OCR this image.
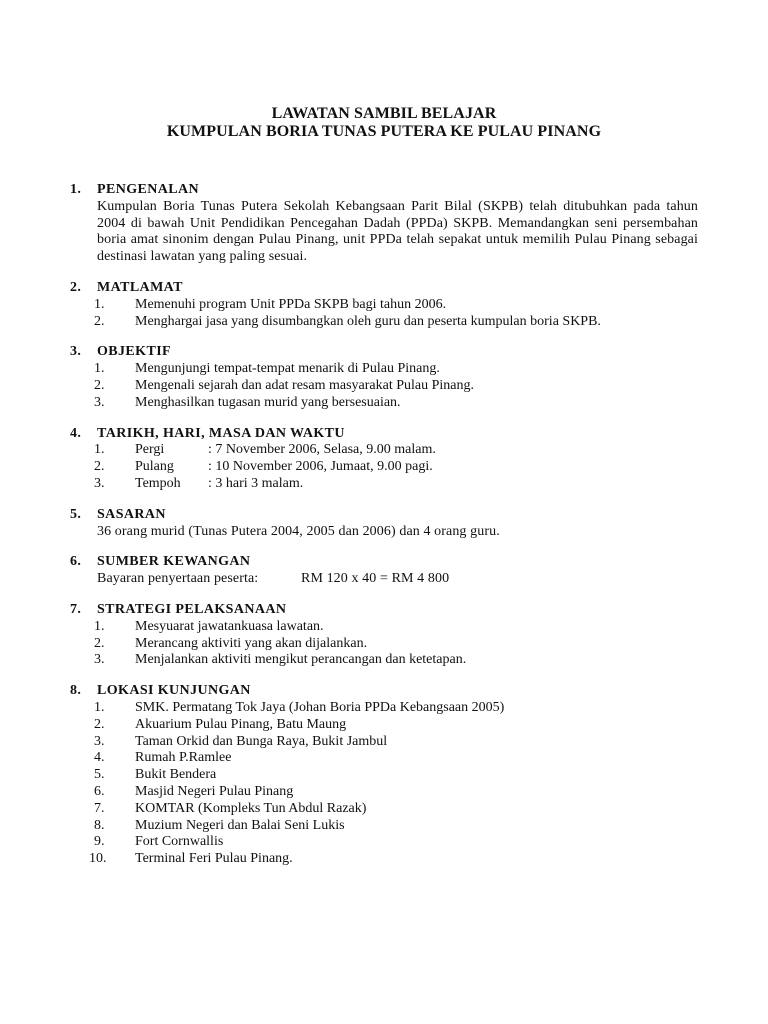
LAWATAN SAMBIL BELAJAR
KUMPULAN BORIA TUNAS PUTERA KE PULAU PINANG
1.	PENGENALAN
Kumpulan Boria Tunas Putera Sekolah Kebangsaan Parit Bilal (SKPB) telah ditubuhkan pada tahun 2004 di bawah Unit Pendidikan Pencegahan Dadah (PPDa) SKPB. Memandangkan seni persembahan boria amat sinonim dengan Pulau Pinang, unit PPDa telah sepakat untuk memilih Pulau Pinang sebagai destinasi lawatan yang paling sesuai.
2.	MATLAMAT
1.	Memenuhi program Unit PPDa SKPB bagi tahun 2006.
2.	Menghargai jasa yang disumbangkan oleh guru dan peserta kumpulan boria SKPB.
3.	OBJEKTIF
1.	Mengunjungi tempat-tempat menarik di Pulau Pinang.
2.	Mengenali sejarah dan adat resam masyarakat Pulau Pinang.
3.	Menghasilkan tugasan murid yang bersesuaian.
4.	TARIKH, HARI, MASA DAN WAKTU
1.	Pergi	: 7 November 2006, Selasa, 9.00 malam.
2.	Pulang	: 10 November 2006, Jumaat, 9.00 pagi.
3.	Tempoh	: 3 hari 3 malam.
5.	SASARAN
36 orang murid (Tunas Putera 2004, 2005 dan 2006) dan 4 orang guru.
6.	SUMBER KEWANGAN
Bayaran penyertaan peserta:	RM 120 x 40 = RM 4 800
7.	STRATEGI PELAKSANAAN
1.	Mesyuarat jawatankuasa lawatan.
2.	Merancang aktiviti yang akan dijalankan.
3.	Menjalankan aktiviti mengikut perancangan dan ketetapan.
8.	LOKASI KUNJUNGAN
1.	SMK. Permatang Tok Jaya (Johan Boria PPDa Kebangsaan 2005)
2.	Akuarium Pulau Pinang, Batu Maung
3.	Taman Orkid dan Bunga Raya, Bukit Jambul
4.	Rumah P.Ramlee
5.	Bukit Bendera
6.	Masjid Negeri Pulau Pinang
7.	KOMTAR (Kompleks Tun Abdul Razak)
8.	Muzium Negeri dan Balai Seni Lukis
9.	Fort Cornwallis
10.	Terminal Feri Pulau Pinang.
